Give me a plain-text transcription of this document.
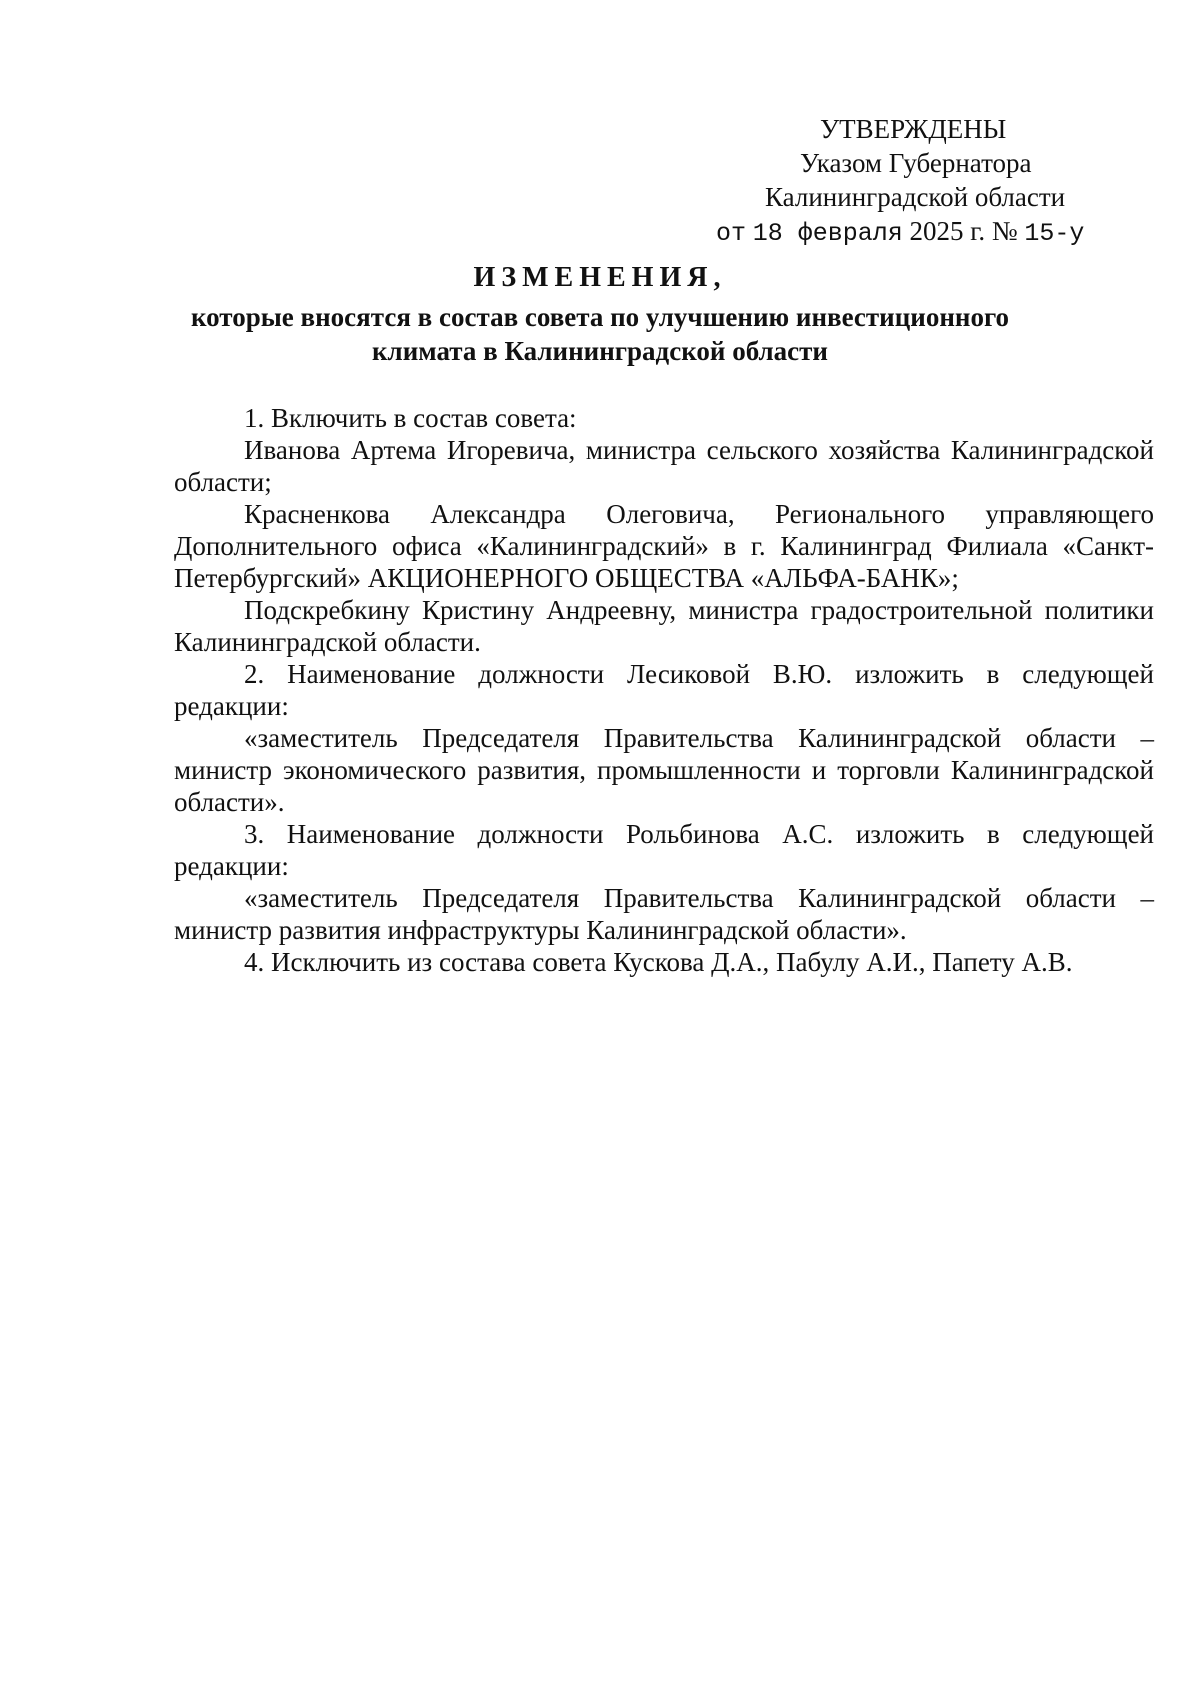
УТВЕРЖДЕНЫ
Указом Губернатора
Калининградской области
от 18 февраля 2025 г. № 15-у
ИЗМЕНЕНИЯ,
которые вносятся в состав совета по улучшению инвестиционного
климата в Калининградской области

1. Включить в состав совета:

Иванова Артема Игоревича, министра сельского хозяйства Калининградской области;

Красненкова Александра Олеговича, Регионального управляющего Дополнительного офиса «Калининградский» в г. Калининград Филиала «Санкт-Петербургский» АКЦИОНЕРНОГО ОБЩЕСТВА «АЛЬФА-БАНК»;

Подскребкину Кристину Андреевну, министра градостроительной политики Калининградской области.

2. Наименование должности Лесиковой В.Ю. изложить в следующей редакции:

«заместитель Председателя Правительства Калининградской области – министр экономического развития, промышленности и торговли Калининградской области».

3. Наименование должности Рольбинова А.С. изложить в следующей редакции:

«заместитель Председателя Правительства Калининградской области – министр развития инфраструктуры Калининградской области».

4. Исключить из состава совета Кускова Д.А., Пабулу А.И., Папету А.В.
